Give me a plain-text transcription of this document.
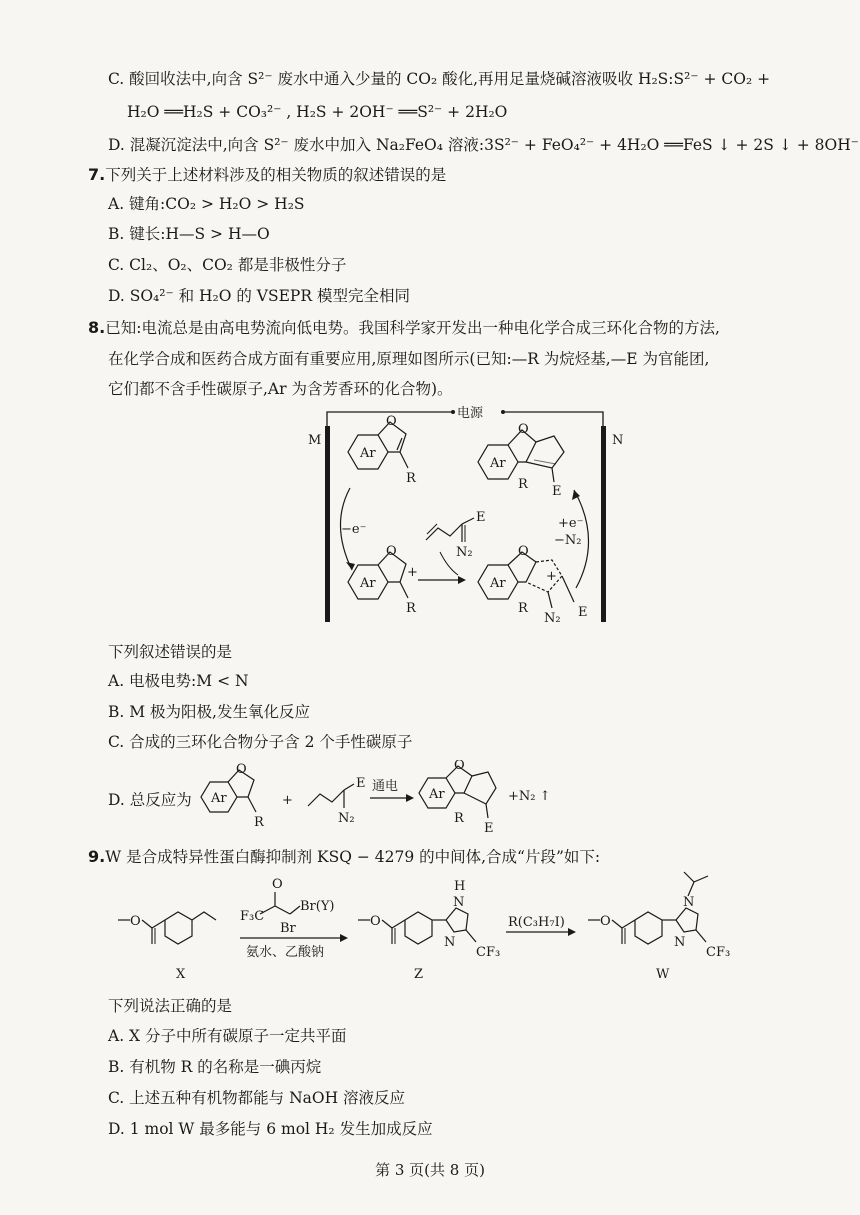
C. 酸回收法中,向含 S²⁻ 废水中通入少量的 CO₂ 酸化,再用足量烧碱溶液吸收 H₂S:S²⁻ + CO₂ +
H₂O ══H₂S + CO₃²⁻ , H₂S + 2OH⁻ ══S²⁻ + 2H₂O
D. 混凝沉淀法中,向含 S²⁻ 废水中加入 Na₂FeO₄ 溶液:3S²⁻ + FeO₄²⁻ + 4H₂O ══FeS ↓ + 2S ↓ + 8OH⁻
7.下列关于上述材料涉及的相关物质的叙述错误的是
A. 键角:CO₂ > H₂O > H₂S
B. 键长:H—S > H—O
C. Cl₂、O₂、CO₂ 都是非极性分子
D. SO₄²⁻ 和 H₂O 的 VSEPR 模型完全相同
8.已知:电流总是由高电势流向低电势。我国科学家开发出一种电化学合成三环化合物的方法,
在化学合成和医药合成方面有重要应用,原理如图所示(已知:—R 为烷烃基,—E 为官能团,
它们都不含手性碳原子,Ar 为含芳香环的化合物)。
电源
M	N
Ar
O
R
Ar
O
R E
E
N₂
−e⁻	+e⁻
−N₂
Ar
O
+
R
Ar
O
+
R
N₂ E
下列叙述错误的是
A. 电极电势:M < N
B. M 极为阳极,发生氧化反应
C. 合成的三环化合物分子含 2 个手性碳原子
D. 总反应为 Ar
O
R
+
E
N₂
通电
Ar
O
R
E
+N₂ ↑
9.W 是合成特异性蛋白酶抑制剂 KSQ − 4279 的中间体,合成“片段”如下:
O
X
O
F₃C
Br(Y)
Br
氨水、乙酸钠
O
H
N
N
CF₃
Z
R(C₃H₇I)	O
N
N
CF₃
W
下列说法正确的是
A. X 分子中所有碳原子一定共平面
B. 有机物 R 的名称是一碘丙烷
C. 上述五种有机物都能与 NaOH 溶液反应
D. 1 mol W 最多能与 6 mol H₂ 发生加成反应
第 3 页(共 8 页)
